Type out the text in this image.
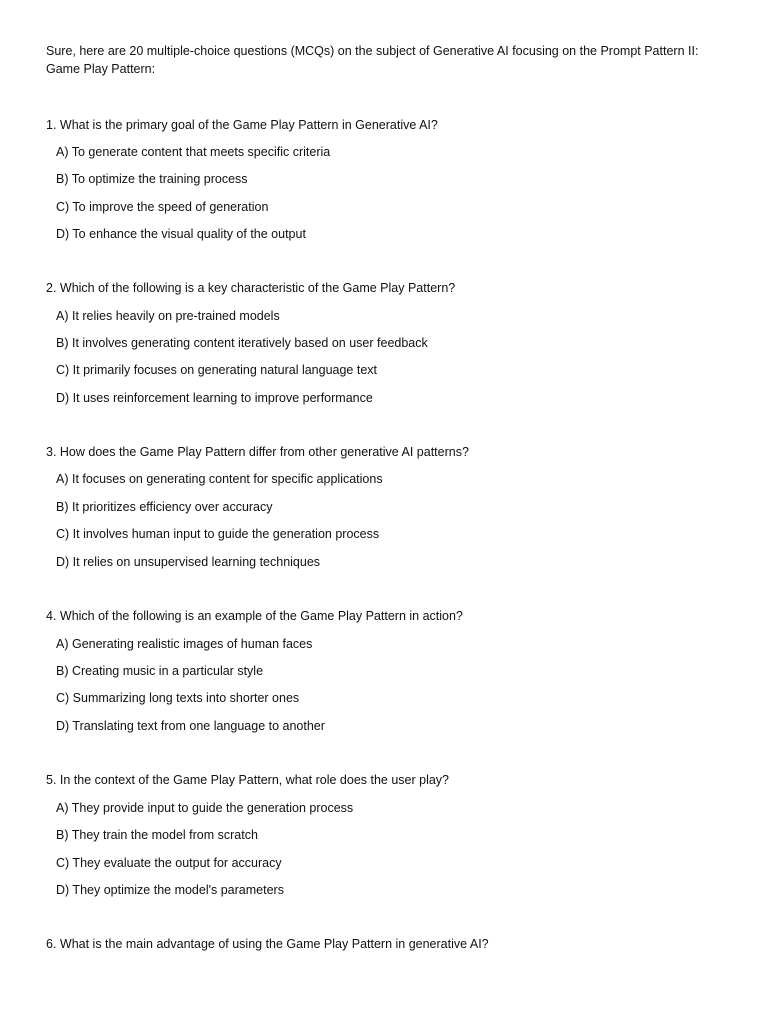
Sure, here are 20 multiple-choice questions (MCQs) on the subject of Generative AI focusing on the Prompt Pattern II: Game Play Pattern:

1. What is the primary goal of the Game Play Pattern in Generative AI?

A) To generate content that meets specific criteria

B) To optimize the training process

C) To improve the speed of generation

D) To enhance the visual quality of the output

2. Which of the following is a key characteristic of the Game Play Pattern?

A) It relies heavily on pre-trained models

B) It involves generating content iteratively based on user feedback

C) It primarily focuses on generating natural language text

D) It uses reinforcement learning to improve performance

3. How does the Game Play Pattern differ from other generative AI patterns?

A) It focuses on generating content for specific applications

B) It prioritizes efficiency over accuracy

C) It involves human input to guide the generation process

D) It relies on unsupervised learning techniques

4. Which of the following is an example of the Game Play Pattern in action?

A) Generating realistic images of human faces

B) Creating music in a particular style

C) Summarizing long texts into shorter ones

D) Translating text from one language to another

5. In the context of the Game Play Pattern, what role does the user play?

A) They provide input to guide the generation process

B) They train the model from scratch

C) They evaluate the output for accuracy

D) They optimize the model's parameters

6. What is the main advantage of using the Game Play Pattern in generative AI?
